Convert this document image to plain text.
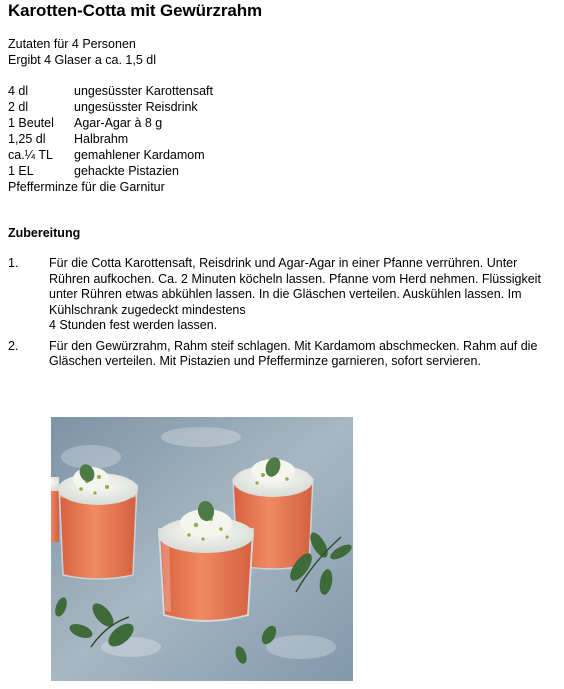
Karotten-Cotta mit Gewürzrahm
Zutaten für 4 Personen
Ergibt 4 Glaser a ca. 1,5 dl
4 dl	ungesüsster Karottensaft
2 dl	ungesüsster Reisdrink
1 Beutel	Agar-Agar à 8 g
1,25 dl	Halbrahm
ca.¼ TL	gemahlener Kardamom
1 EL	gehackte Pistazien
Pfefferminze für die Garnitur
Zubereitung
1.	Für die Cotta Karottensaft, Reisdrink und Agar-Agar in einer Pfanne verrühren. Unter
Rühren aufkochen. Ca. 2 Minuten köcheln lassen. Pfanne vom Herd nehmen. Flüssigkeit
unter Rühren etwas abkühlen lassen. In die Gläschen verteilen. Auskühlen lassen. Im
Kühlschrank zugedeckt mindestens
4 Stunden fest werden lassen.
2.	Für den Gewürzrahm, Rahm steif schlagen. Mit Kardamom abschmecken. Rahm auf die
Gläschen verteilen. Mit Pistazien und Pfefferminze garnieren, sofort servieren.
